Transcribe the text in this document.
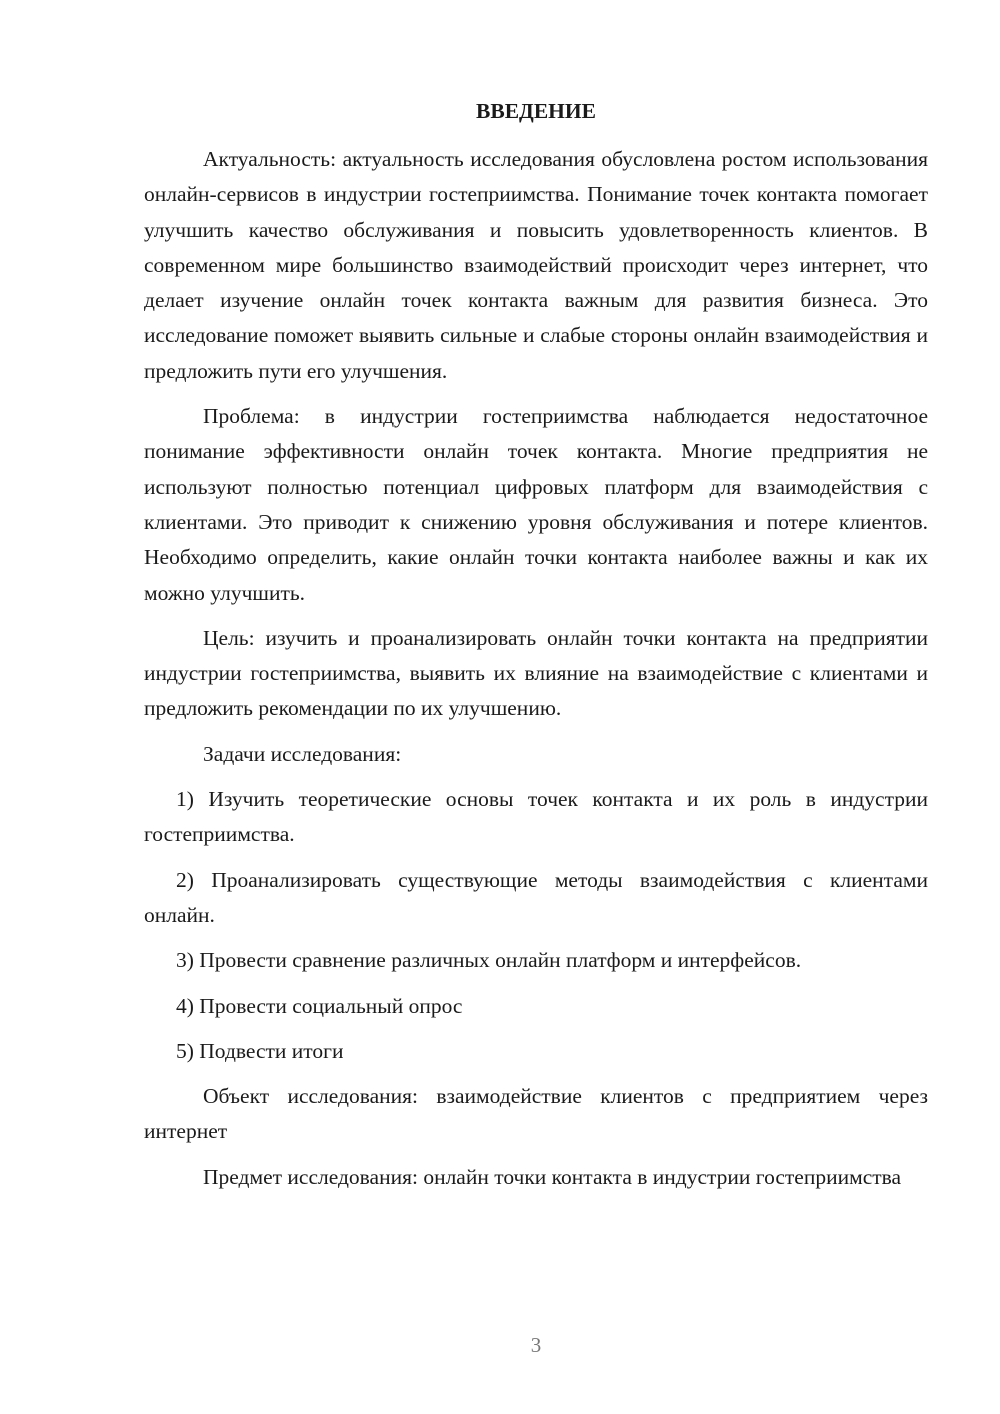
ВВЕДЕНИЕ

Актуальность: актуальность исследования обусловлена ростом использования онлайн-сервисов в индустрии гостеприимства. Понимание точек контакта помогает улучшить качество обслуживания и повысить удовлетворенность клиентов. В современном мире большинство взаимодействий происходит через интернет, что делает изучение онлайн точек контакта важным для развития бизнеса. Это исследование поможет выявить сильные и слабые стороны онлайн взаимодействия и предложить пути его улучшения.

Проблема: в индустрии гостеприимства наблюдается недостаточное понимание эффективности онлайн точек контакта. Многие предприятия не используют полностью потенциал цифровых платформ для взаимодействия с клиентами. Это приводит к снижению уровня обслуживания и потере клиентов. Необходимо определить, какие онлайн точки контакта наиболее важны и как их можно улучшить.

Цель: изучить и проанализировать онлайн точки контакта на предприятии индустрии гостеприимства, выявить их влияние на взаимодействие с клиентами и предложить рекомендации по их улучшению.

Задачи исследования:

1) Изучить теоретические основы точек контакта и их роль в индустрии гостеприимства.

2) Проанализировать существующие методы взаимодействия с клиентами онлайн.

3) Провести сравнение различных онлайн платформ и интерфейсов.

4) Провести социальный опрос

5) Подвести итоги

Объект исследования: взаимодействие клиентов с предприятием через интернет

Предмет исследования: онлайн точки контакта в индустрии гостеприимства

3
